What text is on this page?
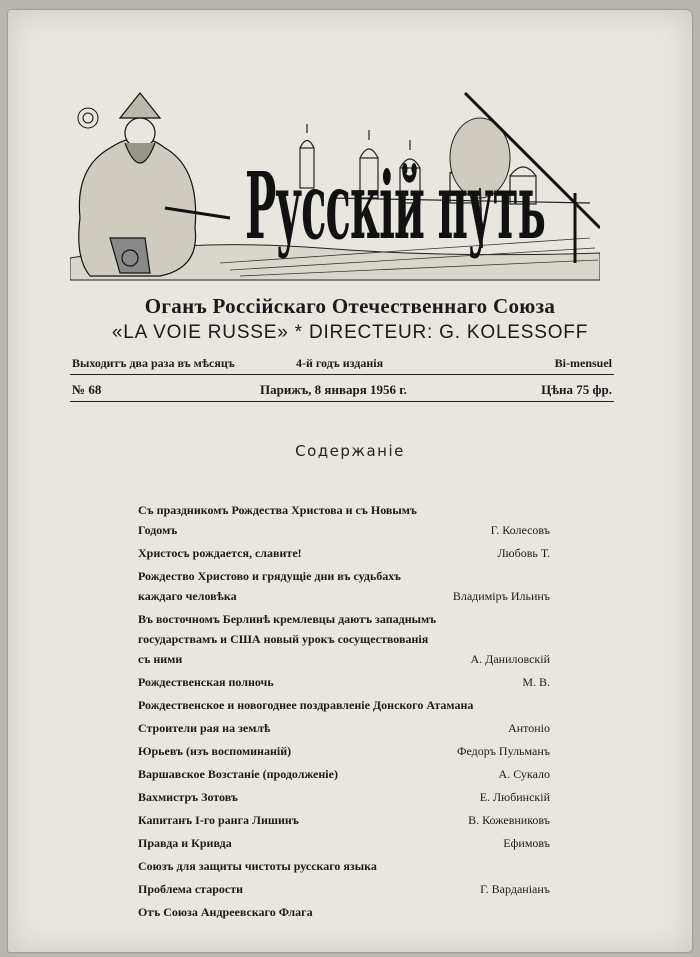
Русскій путь
Оганъ Россійскаго Отечественнаго Союза
«LA VOIE RUSSE» * DIRECTEUR: G. KOLESSOFF
Выходитъ два раза въ мѣсяцъ	4-й годъ изданія	Bi-mensuel
№ 68	Парижъ, 8 января 1956 г.	Цѣна 75 фр.
Содержаніе
Съ праздникомъ Рождества Христова и съ Новымъ Годомъ	Г. Колесовъ
Христосъ рождается, славите!	Любовь Т.
Рождество Христово и грядущіе дни въ судьбахъ каждаго человѣка	Владиміръ Ильинъ
Въ восточномъ Берлинѣ кремлевцы даютъ западнымъ государствамъ и США новый урокъ сосуществованія съ ними	А. Даниловскій
Рождественская полночь	М. В.
Рождественское и новогоднее поздравленіе Донского Атамана
Строители рая на землѣ	Антоніо
Юрьевъ (изъ воспоминаній)	Федоръ Пульманъ
Варшавское Возстаніе (продолженіе)	А. Сукало
Вахмистръ Зотовъ	Е. Любинскій
Капитанъ I-го ранга Лишинъ	В. Кожевниковъ
Правда и Кривда	Ефимовъ
Союзъ для защиты чистоты русскаго языка
Проблема старости	Г. Варданіанъ
Отъ Союза Андреевскаго Флага
